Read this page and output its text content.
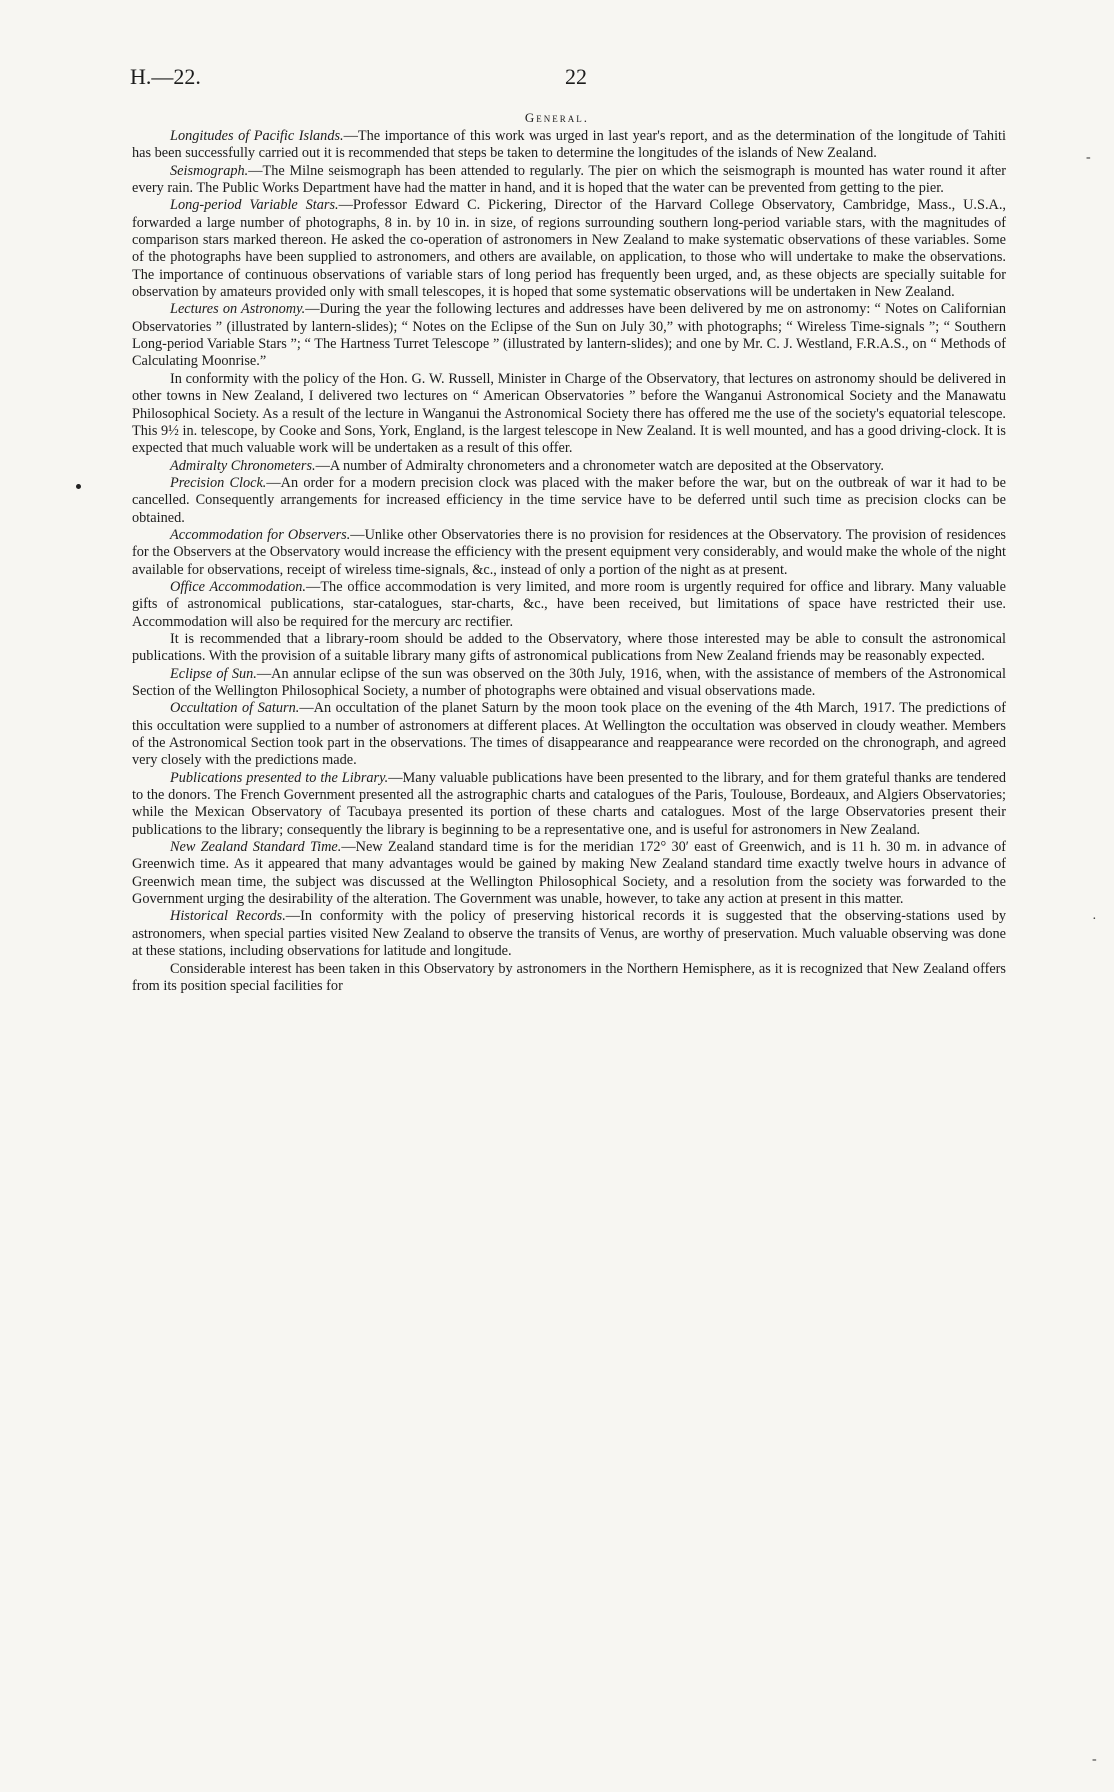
H.—22.	22
General.

Longitudes of Pacific Islands.—The importance of this work was urged in last year's report, and as the determination of the longitude of Tahiti has been successfully carried out it is recommended that steps be taken to determine the longitudes of the islands of New Zealand.

Seismograph.—The Milne seismograph has been attended to regularly. The pier on which the seismograph is mounted has water round it after every rain. The Public Works Department have had the matter in hand, and it is hoped that the water can be prevented from getting to the pier.

Long-period Variable Stars.—Professor Edward C. Pickering, Director of the Harvard College Observatory, Cambridge, Mass., U.S.A., forwarded a large number of photographs, 8 in. by 10 in. in size, of regions surrounding southern long-period variable stars, with the magnitudes of comparison stars marked thereon. He asked the co-operation of astronomers in New Zealand to make systematic observations of these variables. Some of the photographs have been supplied to astronomers, and others are available, on application, to those who will undertake to make the observations. The importance of continuous observations of variable stars of long period has frequently been urged, and, as these objects are specially suitable for observation by amateurs provided only with small telescopes, it is hoped that some systematic observations will be undertaken in New Zealand.

Lectures on Astronomy.—During the year the following lectures and addresses have been delivered by me on astronomy: “ Notes on Californian Observatories ” (illustrated by lantern-slides); “ Notes on the Eclipse of the Sun on July 30,” with photographs; “ Wireless Time-signals ”; “ Southern Long-period Variable Stars ”; “ The Hartness Turret Telescope ” (illustrated by lantern-slides); and one by Mr. C. J. Westland, F.R.A.S., on “ Methods of Calculating Moonrise.”

In conformity with the policy of the Hon. G. W. Russell, Minister in Charge of the Observatory, that lectures on astronomy should be delivered in other towns in New Zealand, I delivered two lectures on “ American Observatories ” before the Wanganui Astronomical Society and the Manawatu Philosophical Society. As a result of the lecture in Wanganui the Astronomical Society there has offered me the use of the society's equatorial telescope. This 9½ in. telescope, by Cooke and Sons, York, England, is the largest telescope in New Zealand. It is well mounted, and has a good driving-clock. It is expected that much valuable work will be undertaken as a result of this offer.

Admiralty Chronometers.—A number of Admiralty chronometers and a chronometer watch are deposited at the Observatory.

Precision Clock.—An order for a modern precision clock was placed with the maker before the war, but on the outbreak of war it had to be cancelled. Consequently arrangements for increased efficiency in the time service have to be deferred until such time as precision clocks can be obtained.

Accommodation for Observers.—Unlike other Observatories there is no provision for residences at the Observatory. The provision of residences for the Observers at the Observatory would increase the efficiency with the present equipment very considerably, and would make the whole of the night available for observations, receipt of wireless time-signals, &c., instead of only a portion of the night as at present.

Office Accommodation.—The office accommodation is very limited, and more room is urgently required for office and library. Many valuable gifts of astronomical publications, star-catalogues, star-charts, &c., have been received, but limitations of space have restricted their use. Accommodation will also be required for the mercury arc rectifier.

It is recommended that a library-room should be added to the Observatory, where those interested may be able to consult the astronomical publications. With the provision of a suitable library many gifts of astronomical publications from New Zealand friends may be reasonably expected.

Eclipse of Sun.—An annular eclipse of the sun was observed on the 30th July, 1916, when, with the assistance of members of the Astronomical Section of the Wellington Philosophical Society, a number of photographs were obtained and visual observations made.

Occultation of Saturn.—An occultation of the planet Saturn by the moon took place on the evening of the 4th March, 1917. The predictions of this occultation were supplied to a number of astronomers at different places. At Wellington the occultation was observed in cloudy weather. Members of the Astronomical Section took part in the observations. The times of disappearance and reappearance were recorded on the chronograph, and agreed very closely with the predictions made.

Publications presented to the Library.—Many valuable publications have been presented to the library, and for them grateful thanks are tendered to the donors. The French Government presented all the astrographic charts and catalogues of the Paris, Toulouse, Bordeaux, and Algiers Observatories; while the Mexican Observatory of Tacubaya presented its portion of these charts and catalogues. Most of the large Observatories present their publications to the library; consequently the library is beginning to be a representative one, and is useful for astronomers in New Zealand.

New Zealand Standard Time.—New Zealand standard time is for the meridian 172° 30′ east of Greenwich, and is 11 h. 30 m. in advance of Greenwich time. As it appeared that many advantages would be gained by making New Zealand standard time exactly twelve hours in advance of Greenwich mean time, the subject was discussed at the Wellington Philosophical Society, and a resolution from the society was forwarded to the Government urging the desirability of the alteration. The Government was unable, however, to take any action at present in this matter.

Historical Records.—In conformity with the policy of preserving historical records it is suggested that the observing-stations used by astronomers, when special parties visited New Zealand to observe the transits of Venus, are worthy of preservation. Much valuable observing was done at these stations, including observations for latitude and longitude.

Considerable interest has been taken in this Observatory by astronomers in the Northern Hemisphere, as it is recognized that New Zealand offers from its position special facilities for

-
·
-
